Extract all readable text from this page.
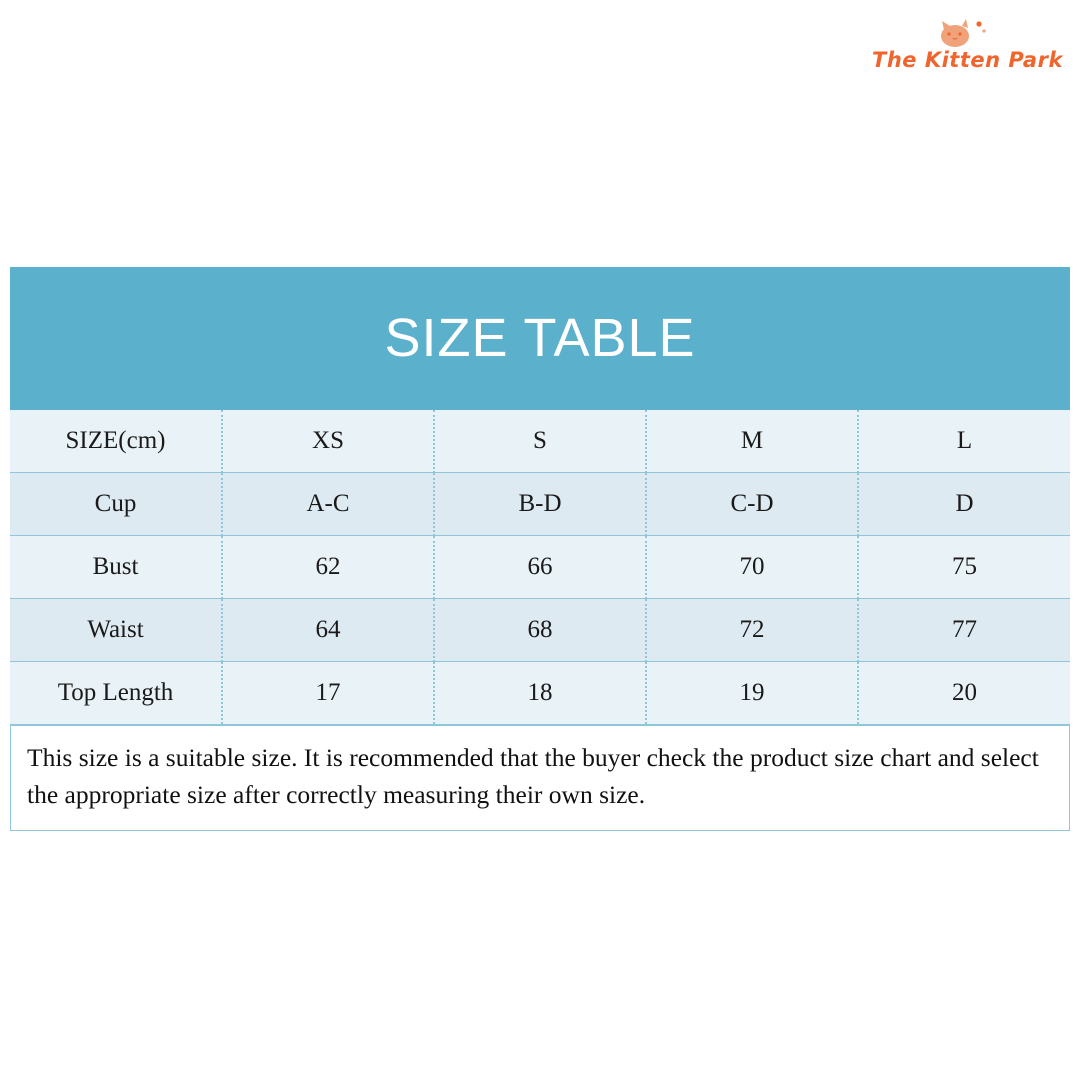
The Kitten Park
SIZE TABLE
SIZE(cm)	XS	S	M	L
Cup	A-C	B-D	C-D	D
Bust	62	66	70	75
Waist	64	68	72	77
Top Length	17	18	19	20
This size is a suitable size. It is recommended that the buyer check the product size chart and select the appropriate size after correctly measuring their own size.
